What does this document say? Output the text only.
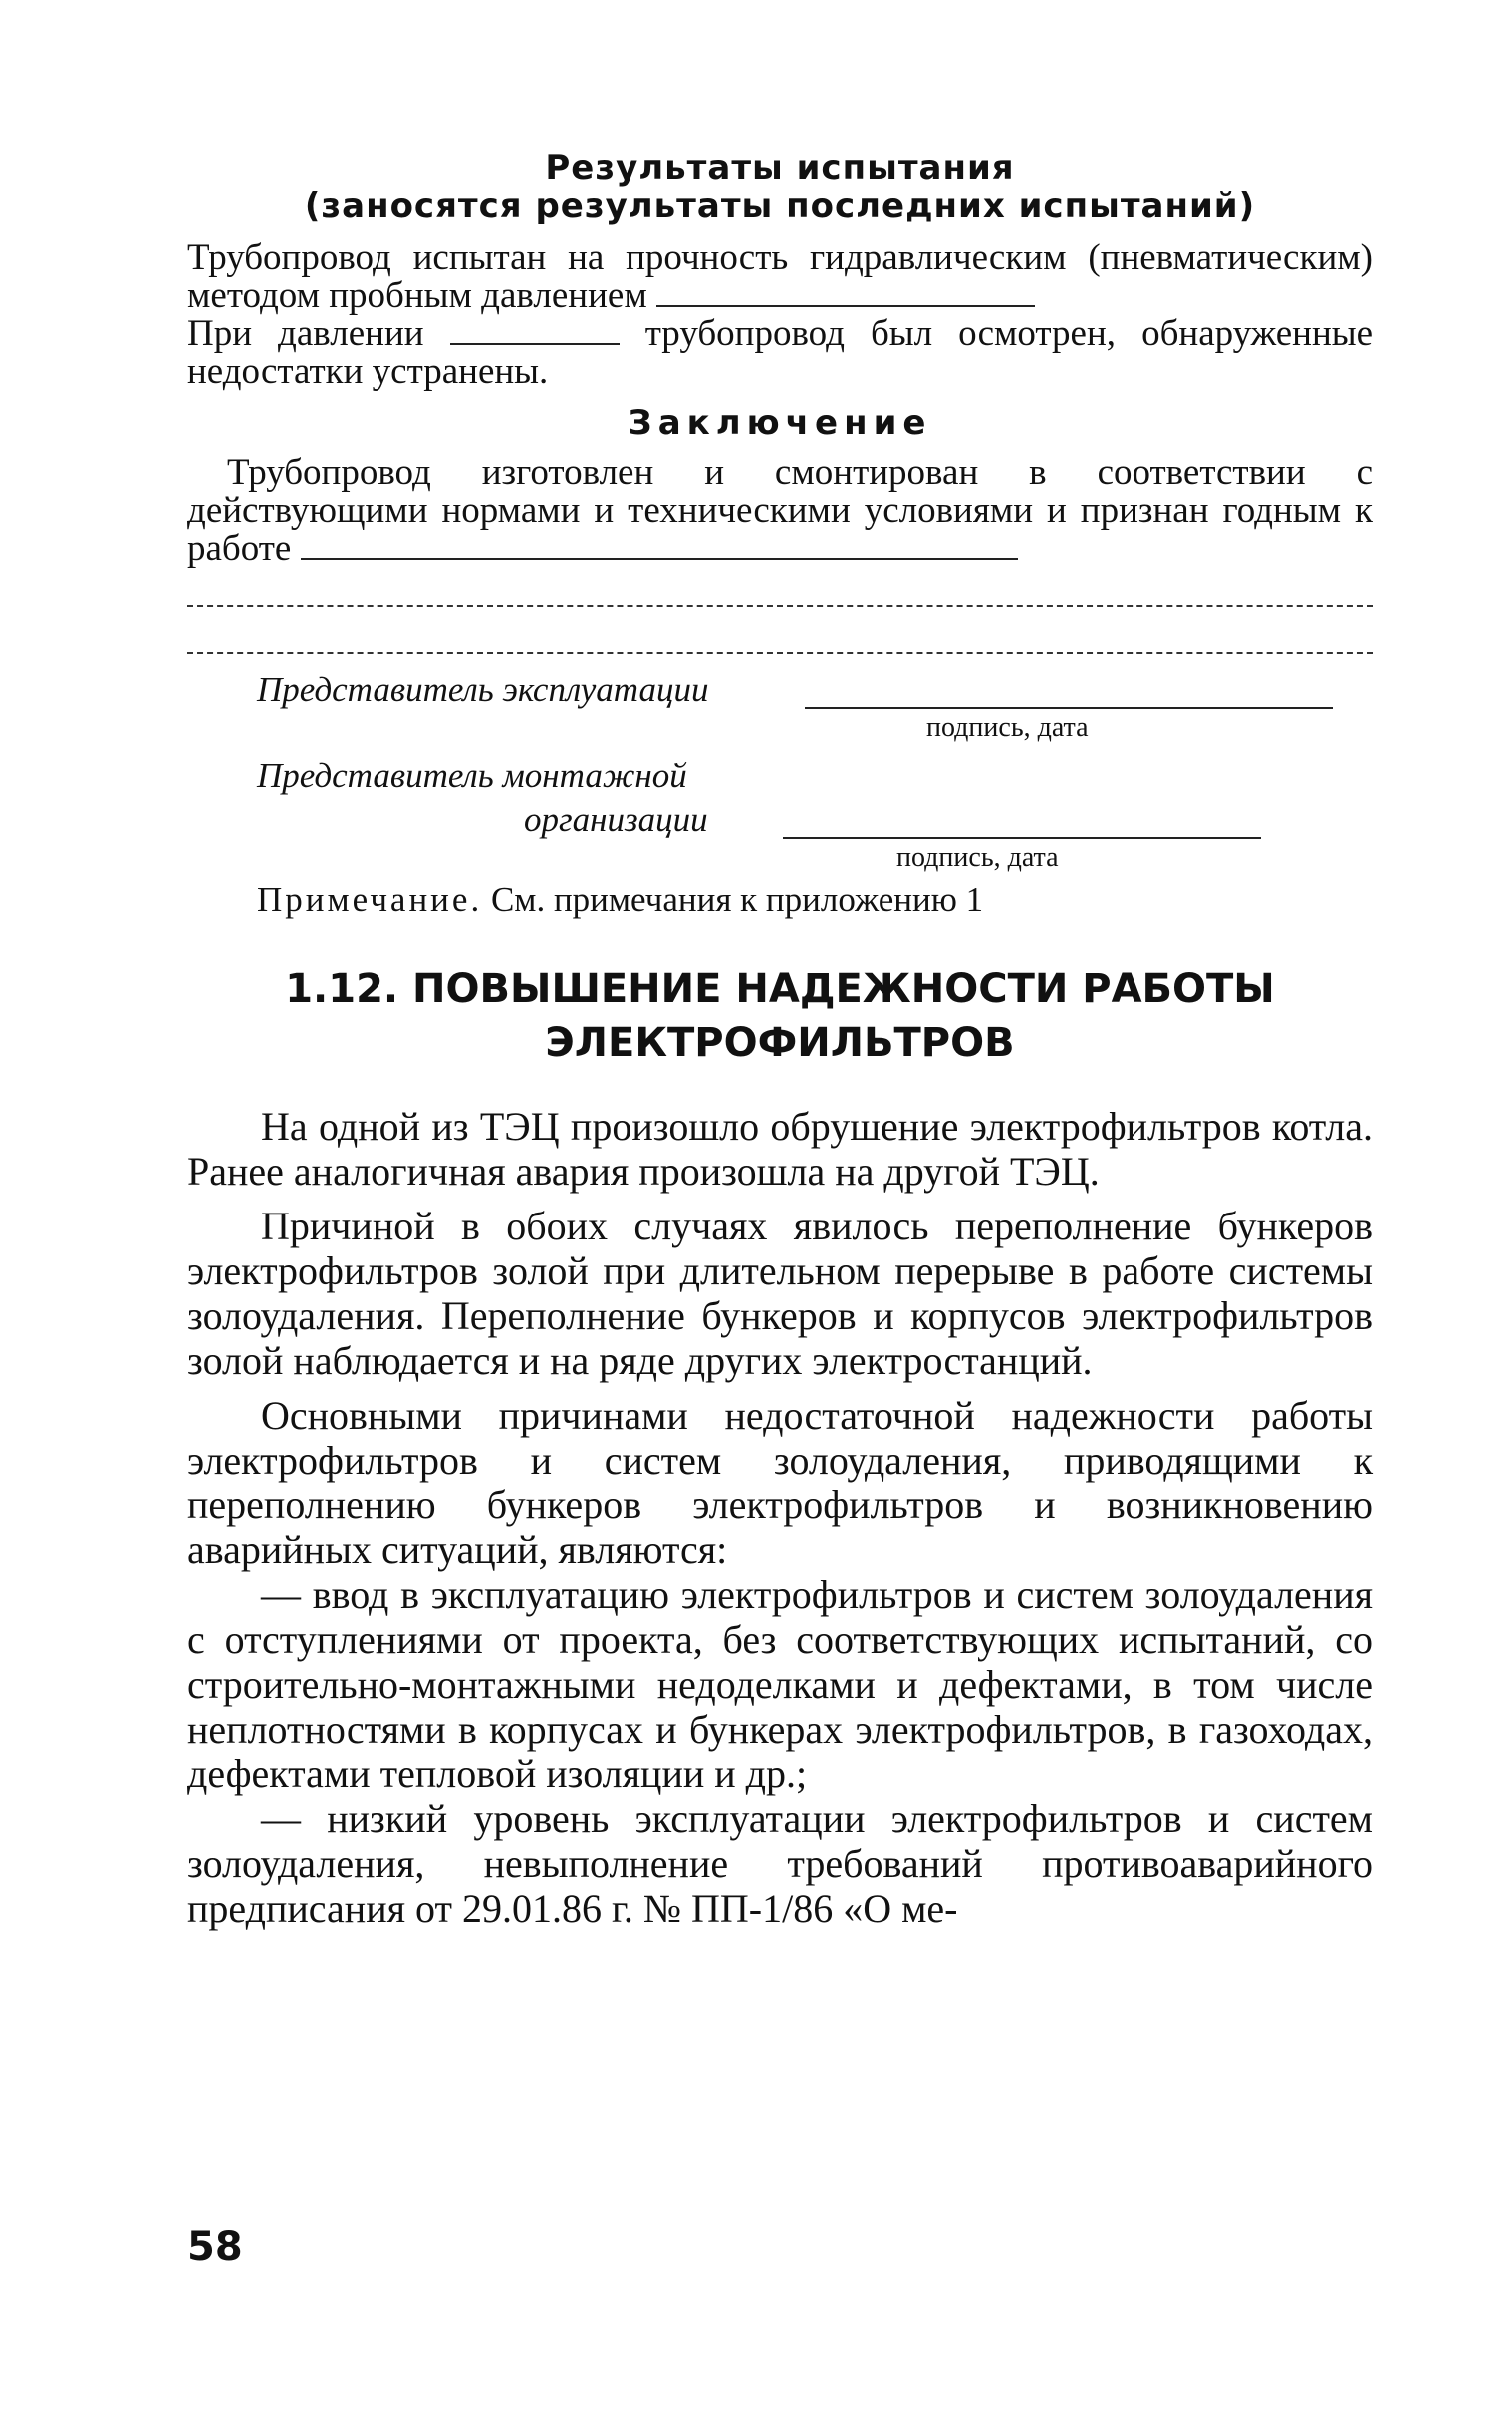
Результаты испытания

(заносятся результаты последних испытаний)

Трубопровод испытан на прочность гидравлическим (пневматическим) методом пробным давлением

При давлении	трубопровод был осмотрен, обнаруженные недостатки устранены.

Заключение

Трубопровод изготовлен и смонтирован в соответствии с действующими нормами и техническими условиями и признан годным к работе

Представитель эксплуатации
подпись, дата
Представитель монтажной
организации
подпись, дата

Примечание. См. примечания к приложению 1

1.12. ПОВЫШЕНИЕ НАДЕЖНОСТИ РАБОТЫ

ЭЛЕКТРОФИЛЬТРОВ

На одной из ТЭЦ произошло обрушение электрофильтров котла. Ранее аналогичная авария произошла на другой ТЭЦ.

Причиной в обоих случаях явилось переполнение бункеров электрофильтров золой при длительном перерыве в работе системы золоудаления. Переполнение бункеров и корпусов электрофильтров золой наблюдается и на ряде других электростанций.

Основными причинами недостаточной надежности работы электрофильтров и систем золоудаления, приводящими к переполнению бункеров электрофильтров и возникновению аварийных ситуаций, являются:

— ввод в эксплуатацию электрофильтров и систем золоудаления с отступлениями от проекта, без соответствующих испытаний, со строительно-монтажными недоделками и дефектами, в том числе неплотностями в корпусах и бункерах электрофильтров, в газоходах, дефектами тепловой изоляции и др.;

— низкий уровень эксплуатации электрофильтров и систем золоудаления, невыполнение требований противоаварийного предписания от 29.01.86 г. № ПП-1/86 «О ме-

58
